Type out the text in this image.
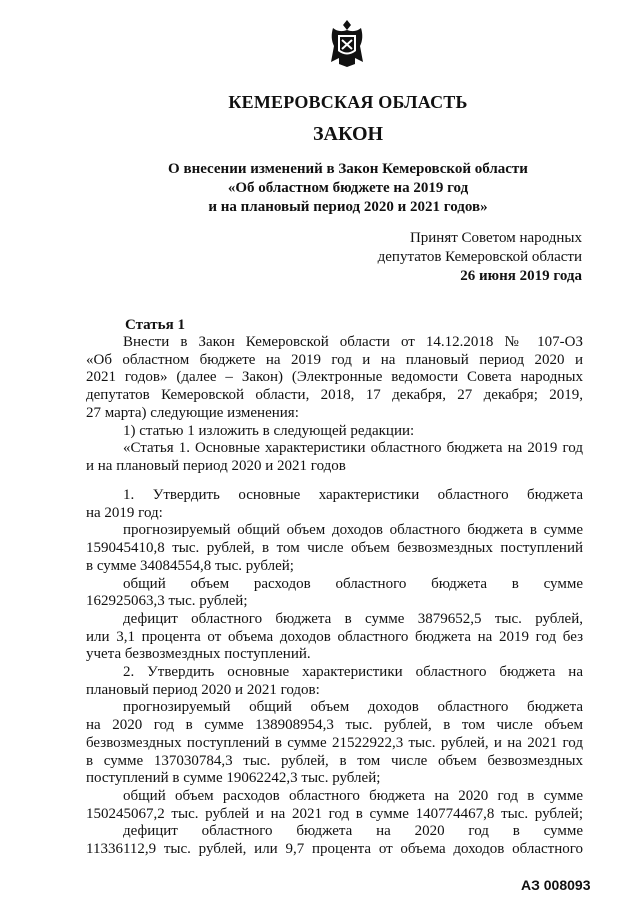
КЕМЕРОВСКАЯ ОБЛАСТЬ
ЗАКОН
О внесении изменений в Закон Кемеровской области
«Об областном бюджете на 2019 год
и на плановый период 2020 и 2021 годов»
Принят Советом народных
депутатов Кемеровской области
26 июня 2019 года
Статья 1

Внести в Закон Кемеровской области от 14.12.2018 № 107-ОЗ

«Об областном бюджете на 2019 год и на плановый период 2020 и

2021 годов» (далее – Закон) (Электронные ведомости Совета народных

депутатов Кемеровской области, 2018, 17 декабря, 27 декабря; 2019,

27 марта) следующие изменения:

1) статью 1 изложить в следующей редакции:

«Статья 1. Основные характеристики областного бюджета на 2019 год

и на плановый период 2020 и 2021 годов

1. Утвердить основные характеристики областного бюджета

на 2019 год:

прогнозируемый общий объем доходов областного бюджета в сумме

159045410,8 тыс. рублей, в том числе объем безвозмездных поступлений

в сумме 34084554,8 тыс. рублей;

общий объем расходов областного бюджета в сумме

162925063,3 тыс. рублей;

дефицит областного бюджета в сумме 3879652,5 тыс. рублей,

или 3,1 процента от объема доходов областного бюджета на 2019 год без

учета безвозмездных поступлений.

2. Утвердить основные характеристики областного бюджета на

плановый период 2020 и 2021 годов:

прогнозируемый общий объем доходов областного бюджета

на 2020 год в сумме 138908954,3 тыс. рублей, в том числе объем

безвозмездных поступлений в сумме 21522922,3 тыс. рублей, и на 2021 год

в сумме 137030784,3 тыс. рублей, в том числе объем безвозмездных

поступлений в сумме 19062242,3 тыс. рублей;

общий объем расходов областного бюджета на 2020 год в сумме

150245067,2 тыс. рублей и на 2021 год в сумме 140774467,8 тыс. рублей;

дефицит областного бюджета на 2020 год в сумме

11336112,9 тыс. рублей, или 9,7 процента от объема доходов областного

АЗ 008093
